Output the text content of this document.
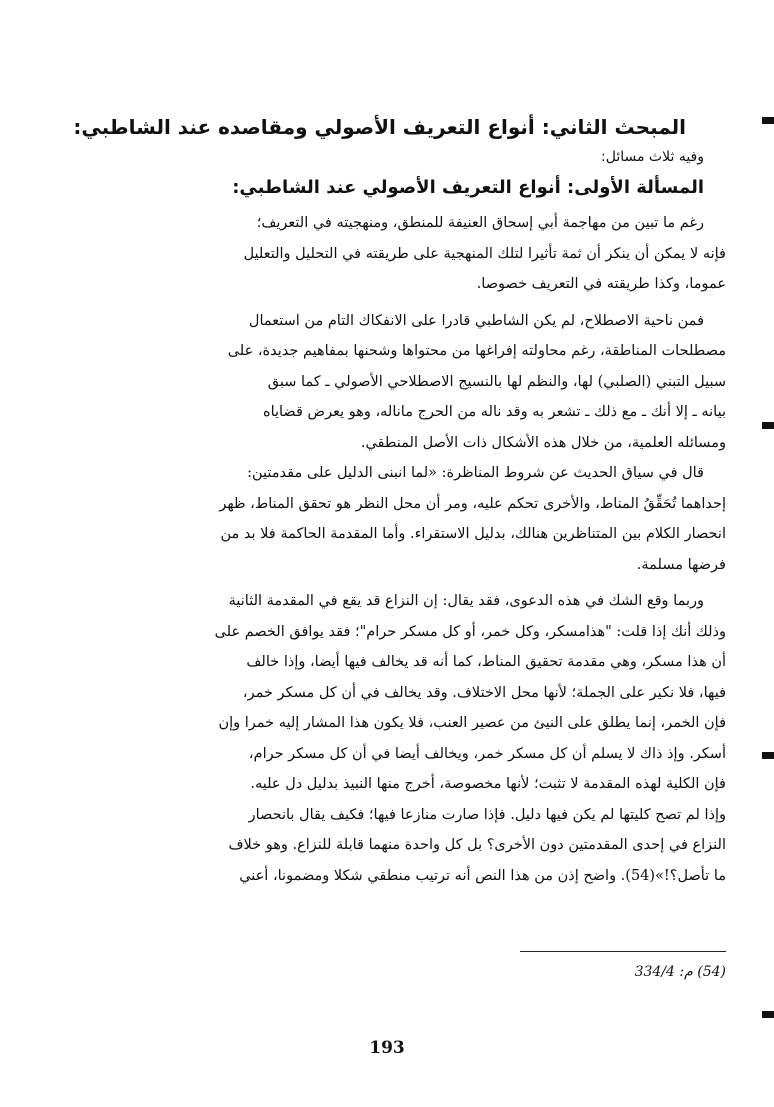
المبحث الثاني: أنواع التعريف الأصولي ومقاصده عند الشاطبي:
وفيه ثلاث مسائل:
المسألة الأولى: أنواع التعريف الأصولي عند الشاطبي:

رغم ما تبين من مهاجمة أبي إسحاق العنيفة للمنطق، ومنهجيته في التعريف؛

فإنه لا يمكن أن ينكر أن ثمة تأثيرا لتلك المنهجية على طريقته في التحليل والتعليل

عموما، وكذا طريقته في التعريف خصوصا.

فمن ناحية الاصطلاح، لم يكن الشاطبي قادرا على الانفكاك التام من استعمال

مصطلحات المناطقة، رغم محاولته إفراغها من محتواها وشحنها بمفاهيم جديدة، على

سبيل التبني (الصلبي) لها، والنظم لها بالنسيج الاصطلاحي الأصولي ـ كما سبق

بيانه ـ إلا أنك ـ مع ذلك ـ تشعر به وقد ناله من الحرج ماناله، وهو يعرض قضاياه

ومسائله العلمية، من خلال هذه الأشكال ذات الأصل المنطقي.

قال في سياق الحديث عن شروط المناظرة: «لما انبنى الدليل على مقدمتين:

إحداهما تُحَقِّقُ المناط، والأخرى تحكم عليه، ومر أن محل النظر هو تحقق المناط، ظهر

انحصار الكلام بين المتناظرين هنالك، بدليل الاستقراء. وأما المقدمة الحاكمة فلا بد من

فرضها مسلمة.

وربما وقع الشك في هذه الدعوى، فقد يقال: إن النزاع قد يقع في المقدمة الثانية

وذلك أنك إذا قلت: "هذامسكر، وكل خمر، أو كل مسكر حرام"؛ فقد يوافق الخصم على

أن هذا مسكر، وهي مقدمة تحقيق المناط، كما أنه قد يخالف فيها أيضا، وإذا خالف

فيها، فلا نكير على الجملة؛ لأنها محل الاختلاف. وقد يخالف في أن كل مسكر خمر،

فإن الخمر، إنما يطلق على النيئ من عصير العنب، فلا يكون هذا المشار إليه خمرا وإن

أسكر. وإذ ذاك لا يسلم أن كل مسكر خمر، ويخالف أيضا في أن كل مسكر حرام،

فإن الكلية لهذه المقدمة لا تثبت؛ لأنها مخصوصة، أخرج منها النبيذ بدليل دل عليه.

وإذا لم تصح كليتها لم يكن فيها دليل. فإذا صارت منازعا فيها؛ فكيف يقال بانحصار

النزاع في إحدى المقدمتين دون الأخرى؟ بل كل واحدة منهما قابلة للنزاع. وهو خلاف

ما تأصل؟!»(54). واضح إذن من هذا النص أنه ترتيب منطقي شكلا ومضمونا، أعني

(54) م: 334/4
193
